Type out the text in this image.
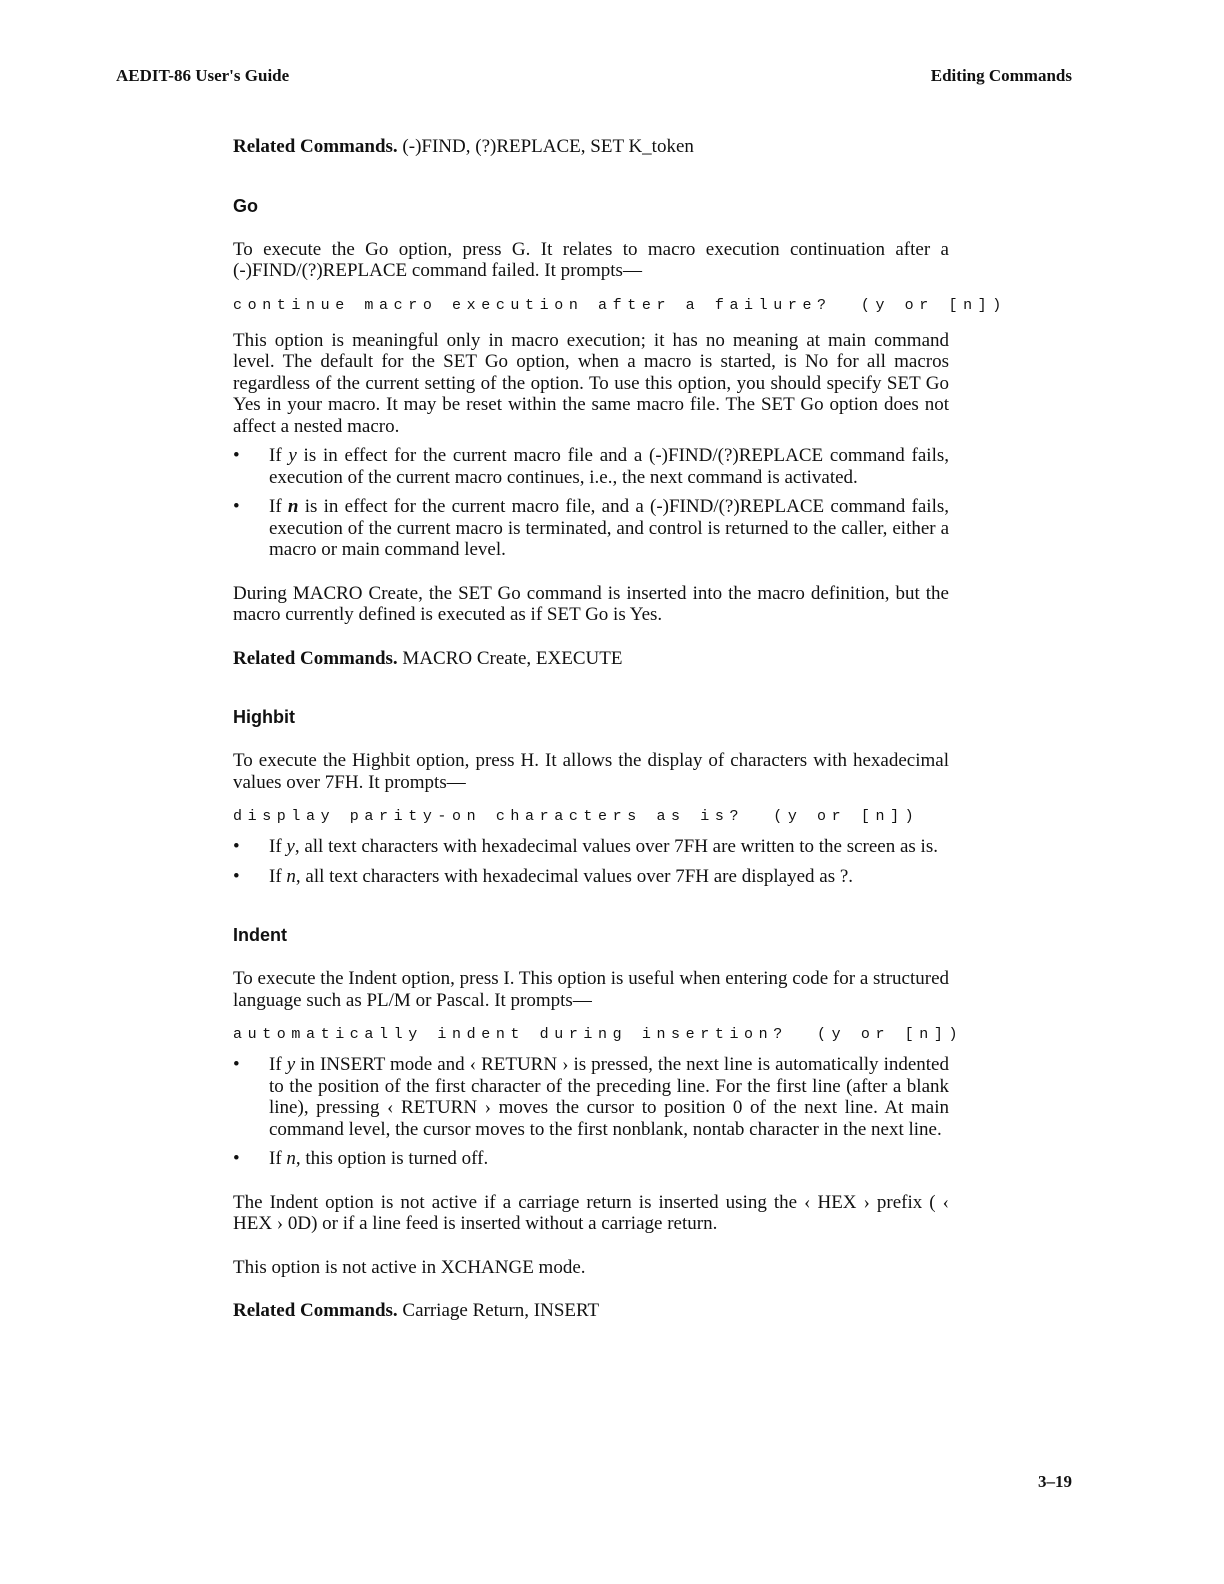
AEDIT-86 User's Guide	Editing Commands

Related Commands. (-)FIND, (?)REPLACE, SET K_token

Go

To execute the Go option, press G. It relates to macro execution continuation after a (-)FIND/(?)REPLACE command failed. It prompts—

continue macro execution after a failure?  (y or [n])

This option is meaningful only in macro execution; it has no meaning at main command level. The default for the SET Go option, when a macro is started, is No for all macros regardless of the current setting of the option. To use this option, you should specify SET Go Yes in your macro. It may be reset within the same macro file. The SET Go option does not affect a nested macro.

• If y is in effect for the current macro file and a (-)FIND/(?)REPLACE command fails, execution of the current macro continues, i.e., the next command is activated.
• If n is in effect for the current macro file, and a (-)FIND/(?)REPLACE command fails, execution of the current macro is terminated, and control is returned to the caller, either a macro or main command level.

During MACRO Create, the SET Go command is inserted into the macro definition, but the macro currently defined is executed as if SET Go is Yes.

Related Commands. MACRO Create, EXECUTE

Highbit

To execute the Highbit option, press H. It allows the display of characters with hexadecimal values over 7FH. It prompts—

display parity-on characters as is?  (y or [n])
• If y, all text characters with hexadecimal values over 7FH are written to the screen as is.
• If n, all text characters with hexadecimal values over 7FH are displayed as ?.
Indent

To execute the Indent option, press I. This option is useful when entering code for a structured language such as PL/M or Pascal. It prompts—

automatically indent during insertion?  (y or [n])
• If y in INSERT mode and ‹ RETURN › is pressed, the next line is automatically indented to the position of the first character of the preceding line. For the first line (after a blank line), pressing ‹ RETURN › moves the cursor to position 0 of the next line. At main command level, the cursor moves to the first nonblank, nontab character in the next line.
• If n, this option is turned off.

The Indent option is not active if a carriage return is inserted using the ‹ HEX › prefix ( ‹ HEX › 0D) or if a line feed is inserted without a carriage return.

This option is not active in XCHANGE mode.

Related Commands. Carriage Return, INSERT

3–19
